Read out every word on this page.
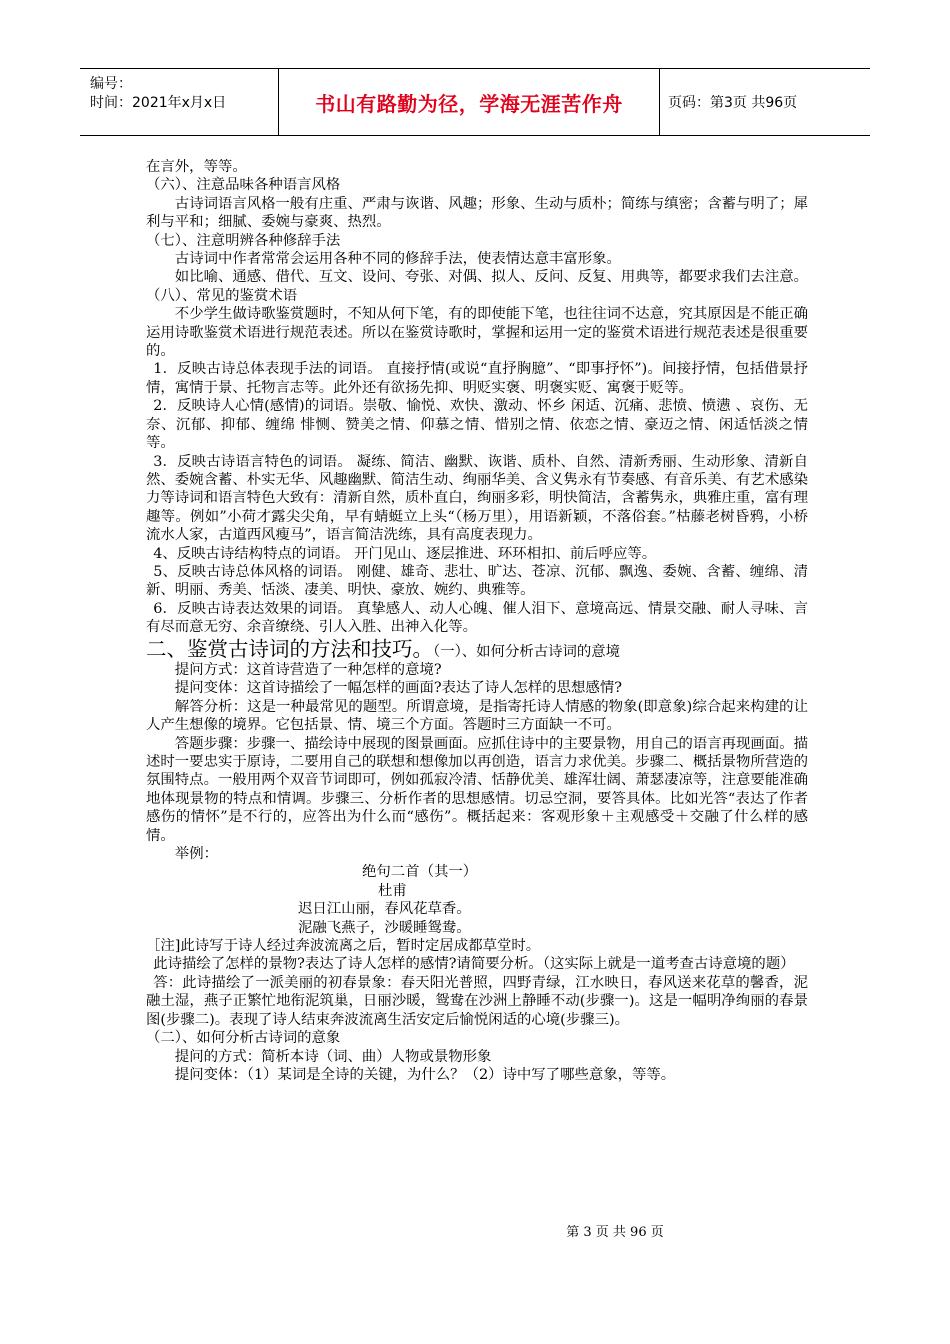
编号：
时间：2021年x月x日	书山有路勤为径，学海无涯苦作舟	页码：第3页 共96页

在言外，等等。

（六）、注意品味各种语言风格

古诗词语言风格一般有庄重、严肃与诙谐、风趣；形象、生动与质朴；简练与缜密；含蓄与明了；犀利与平和；细腻、委婉与豪爽、热烈。

（七）、注意明辨各种修辞手法

古诗词中作者常常会运用各种不同的修辞手法，使表情达意丰富形象。

如比喻、通感、借代、互文、设问、夸张、对偶、拟人、反问、反复、用典等，都要求我们去注意。

（八）、常见的鉴赏术语

不少学生做诗歌鉴赏题时，不知从何下笔，有的即使能下笔，也往往词不达意，究其原因是不能正确运用诗歌鉴赏术语进行规范表述。所以在鉴赏诗歌时，掌握和运用一定的鉴赏术语进行规范表述是很重要的。

1．反映古诗总体表现手法的词语。 直接抒情(或说“直抒胸臆”、“即事抒怀”)。间接抒情，包括借景抒情，寓情于景、托物言志等。此外还有欲扬先抑、明贬实褒、明褒实贬、寓褒于贬等。

2．反映诗人心情(感情)的词语。崇敬、愉悦、欢快、激动、怀乡 闲适、沉痛、悲愤、愤懑 、哀伤、无奈、沉郁、抑郁、缠绵 悱恻、赞美之情、仰慕之情、惜别之情、依恋之情、豪迈之情、闲适恬淡之情等。

3．反映古诗语言特色的词语。 凝练、简洁、幽默、诙谐、质朴、自然、清新秀丽、生动形象、清新自然、委婉含蓄、朴实无华、风趣幽默、简洁生动、绚丽华美、含义隽永有节奏感、有音乐美、有艺术感染力等诗词和语言特色大致有：清新自然，质朴直白，绚丽多彩，明快简洁，含蓄隽永，典雅庄重，富有理趣等。例如”小荷才露尖尖角，早有蜻蜓立上头“（杨万里），用语新颖，不落俗套。”枯藤老树昏鸦，小桥流水人家，古道西风瘦马”，语言简洁洗练，具有高度表现力。

4、反映古诗结构特点的词语。 开门见山、逐层推进、环环相扣、前后呼应等。

5、反映古诗总体风格的词语。 刚健、雄奇、悲壮、旷达、苍凉、沉郁、飘逸、委婉、含蓄、缠绵、清新、明丽、秀美、恬淡、凄美、明快、豪放、婉约、典雅等。

6．反映古诗表达效果的词语。 真挚感人、动人心魄、催人泪下、意境高远、情景交融、耐人寻味、言有尽而意无穷、余音缭绕、引人入胜、出神入化等。

二、鉴赏古诗词的方法和技巧。（一）、如何分析古诗词的意境

提问方式：这首诗营造了一种怎样的意境?

提问变体：这首诗描绘了一幅怎样的画面?表达了诗人怎样的思想感情?

解答分析：这是一种最常见的题型。所谓意境，是指寄托诗人情感的物象(即意象)综合起来构建的让人产生想像的境界。它包括景、情、境三个方面。答题时三方面缺一不可。

答题步骤：步骤一、描绘诗中展现的图景画面。应抓住诗中的主要景物，用自己的语言再现画面。描述时一要忠实于原诗，二要用自己的联想和想像加以再创造，语言力求优美。步骤二、概括景物所营造的氛围特点。一般用两个双音节词即可，例如孤寂冷清、恬静优美、雄浑壮阔、萧瑟凄凉等，注意要能准确地体现景物的特点和情调。步骤三、分析作者的思想感情。切忌空洞，要答具体。比如光答“表达了作者感伤的情怀”是不行的，应答出为什么而“感伤”。概括起来：客观形象＋主观感受＋交融了什么样的感情。

举例：

绝句二首（其一）

杜甫

迟日江山丽，春风花草香。

泥融飞燕子，沙暖睡鸳鸯。

［注]此诗写于诗人经过奔波流离之后，暂时定居成都草堂时。

此诗描绘了怎样的景物?表达了诗人怎样的感情?请简要分析。（这实际上就是一道考查古诗意境的题）

答：此诗描绘了一派美丽的初春景象：春天阳光普照，四野青绿，江水映日，春风送来花草的馨香，泥融土湿，燕子正繁忙地衔泥筑巢，日丽沙暖，鸳鸯在沙洲上静睡不动(步骤一)。这是一幅明净绚丽的春景图(步骤二)。表现了诗人结束奔波流离生活安定后愉悦闲适的心境(步骤三)。

（二）、如何分析古诗词的意象

提问的方式：简析本诗（词、曲）人物或景物形象

提问变体：（1）某词是全诗的关键，为什么？（2）诗中写了哪些意象，等等。

第 3 页 共 96 页
